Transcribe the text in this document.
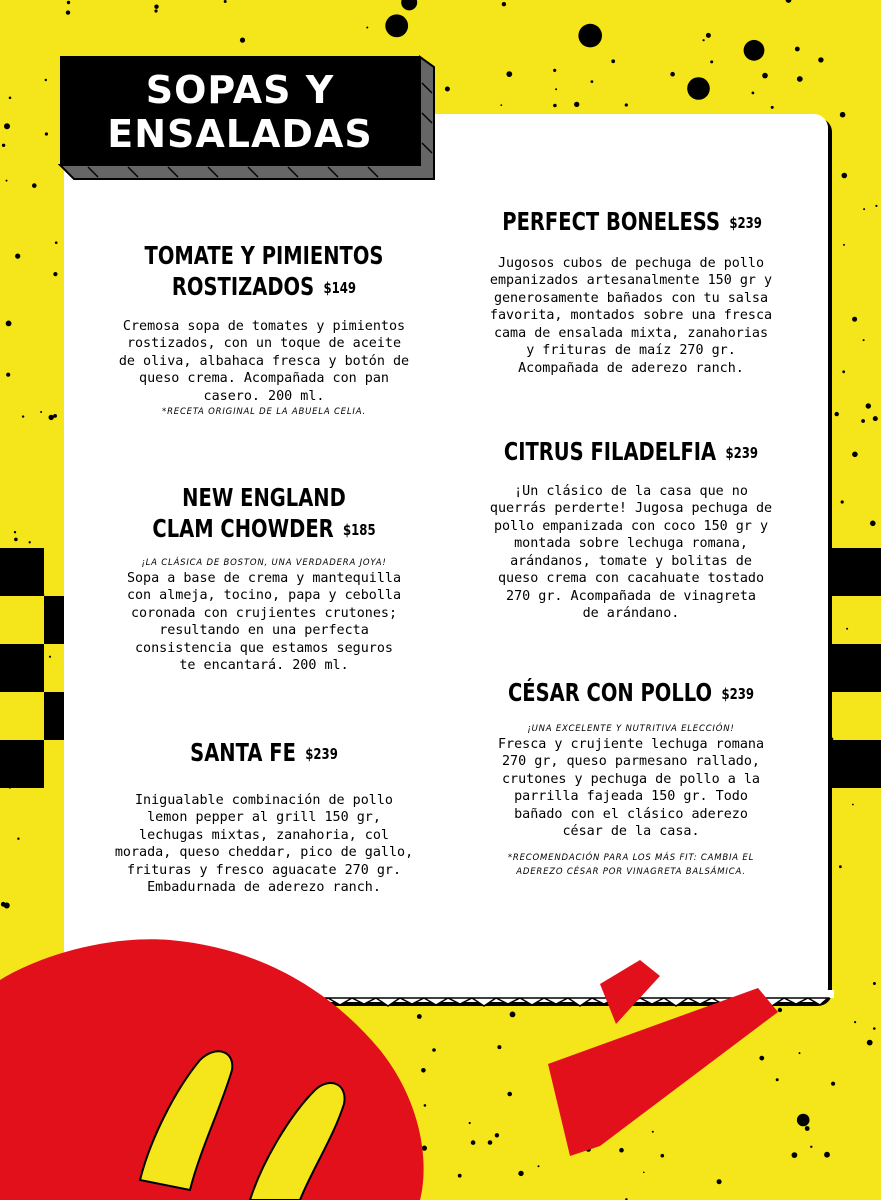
SOPAS Y
ENSALADAS
TOMATE Y PIMIENTOS
ROSTIZADOS $149

Cremosa sopa de tomates y pimientos
rostizados, con un toque de aceite
de oliva, albahaca fresca y botón de
queso crema. Acompañada con pan
casero. 200 ml.

*RECETA ORIGINAL DE LA ABUELA CELIA.
NEW ENGLAND
CLAM CHOWDER $185
¡LA CLÁSICA DE BOSTON, UNA VERDADERA JOYA!

Sopa a base de crema y mantequilla
con almeja, tocino, papa y cebolla
coronada con crujientes crutones;
resultando en una perfecta
consistencia que estamos seguros
te encantará. 200 ml.

SANTA FE $239

Inigualable combinación de pollo
lemon pepper al grill 150 gr,
lechugas mixtas, zanahoria, col
morada, queso cheddar, pico de gallo,
frituras y fresco aguacate 270 gr.
Embadurnada de aderezo ranch.

PERFECT BONELESS $239

Jugosos cubos de pechuga de pollo
empanizados artesanalmente 150 gr y
generosamente bañados con tu salsa
favorita, montados sobre una fresca
cama de ensalada mixta, zanahorias
y frituras de maíz 270 gr.
Acompañada de aderezo ranch.

CITRUS FILADELFIA $239

¡Un clásico de la casa que no
querrás perderte! Jugosa pechuga de
pollo empanizada con coco 150 gr y
montada sobre lechuga romana,
arándanos, tomate y bolitas de
queso crema con cacahuate tostado
270 gr. Acompañada de vinagreta
de arándano.

CÉSAR CON POLLO $239
¡UNA EXCELENTE Y NUTRITIVA ELECCIÓN!

Fresca y crujiente lechuga romana
270 gr, queso parmesano rallado,
crutones y pechuga de pollo a la
parrilla fajeada 150 gr. Todo
bañado con el clásico aderezo
césar de la casa.

*RECOMENDACIÓN PARA LOS MÁS FIT: CAMBIA EL
ADEREZO CÉSAR POR VINAGRETA BALSÁMICA.
